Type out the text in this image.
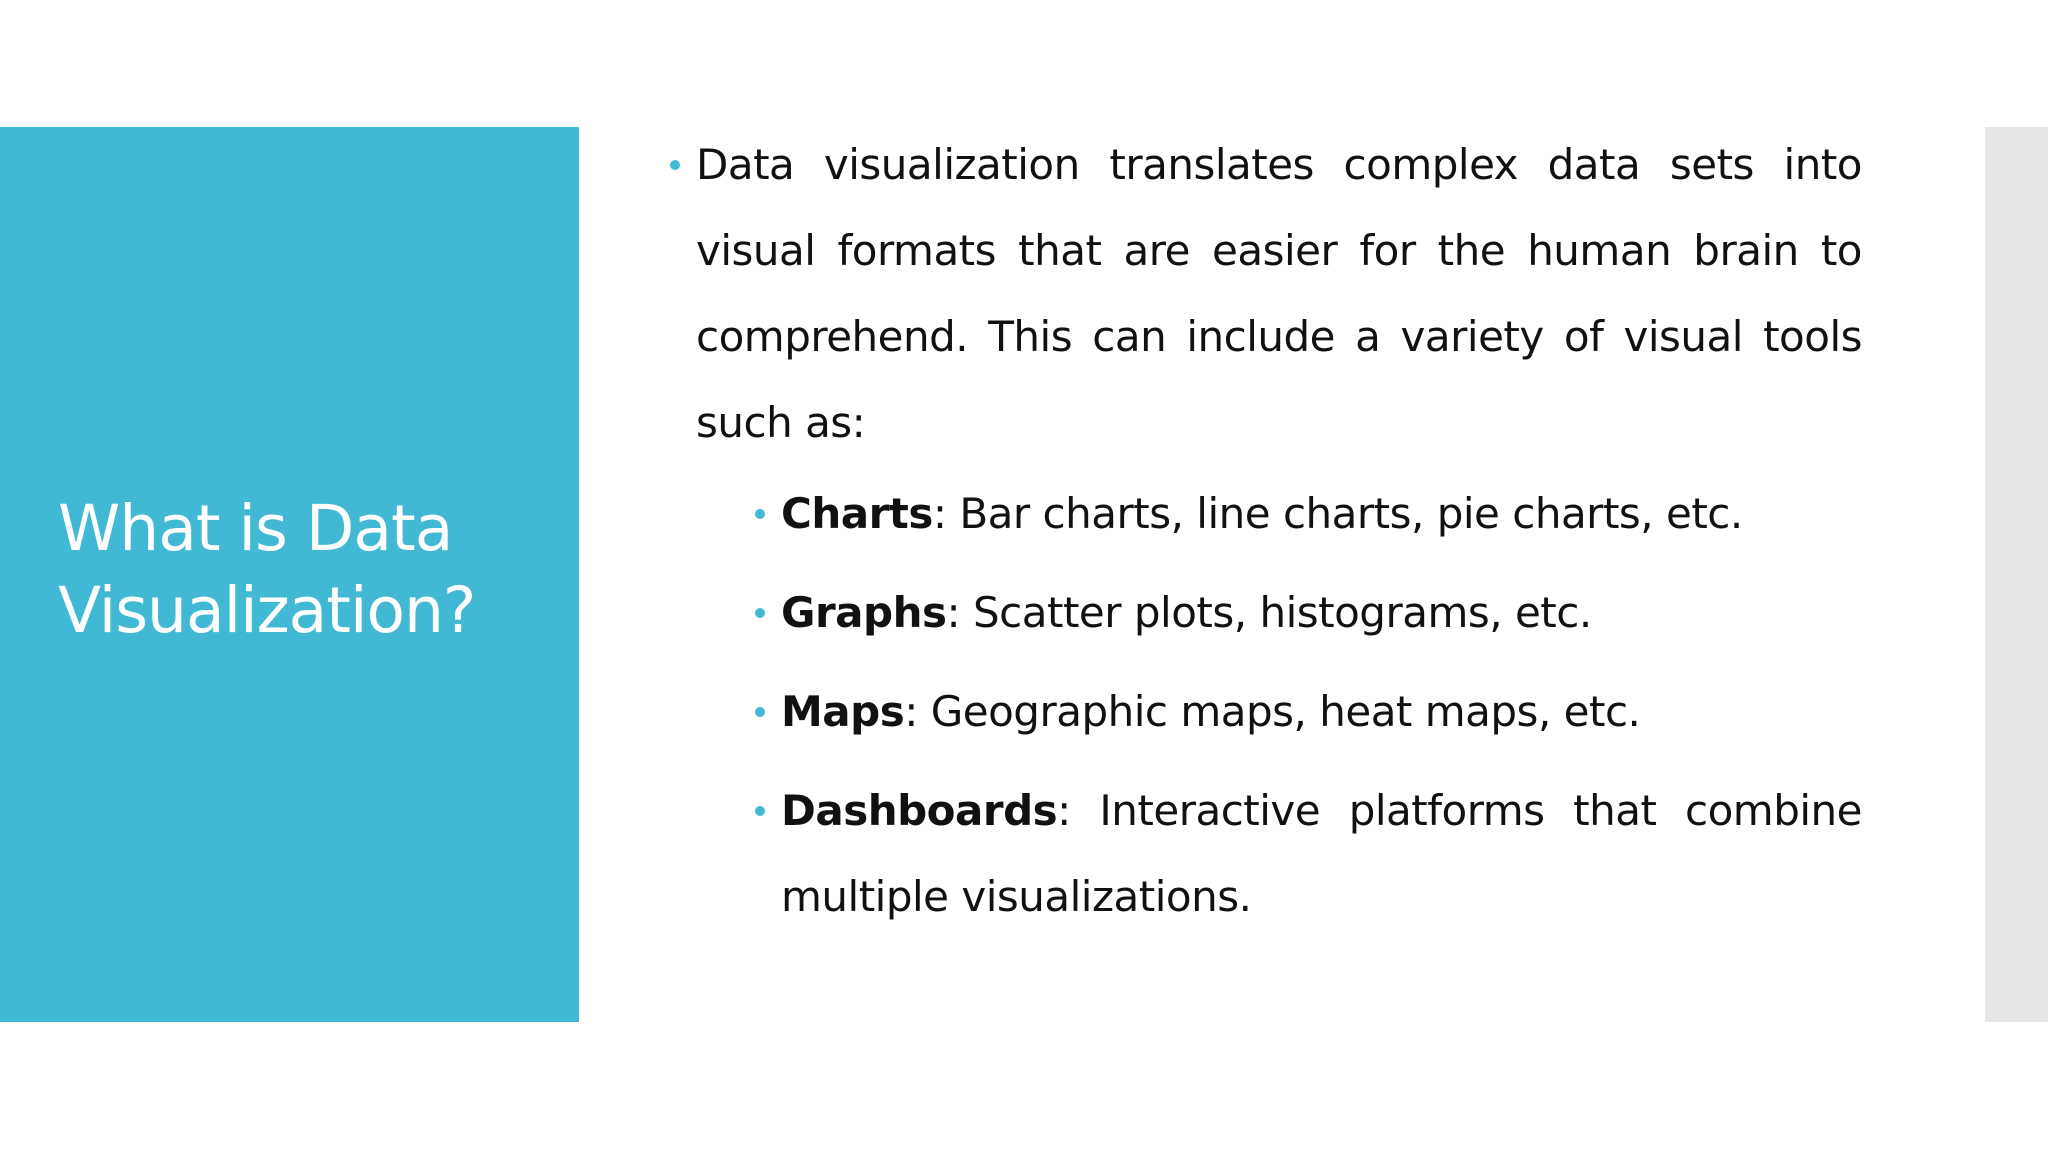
What is Data
Visualization?
Data visualization translates complex data sets into visual formats that are easier for the human brain to comprehend. This can include a variety of visual tools such as:
Charts: Bar charts, line charts, pie charts, etc.
Graphs: Scatter plots, histograms, etc.
Maps: Geographic maps, heat maps, etc.
Dashboards: Interactive platforms that combine multiple visualizations.
